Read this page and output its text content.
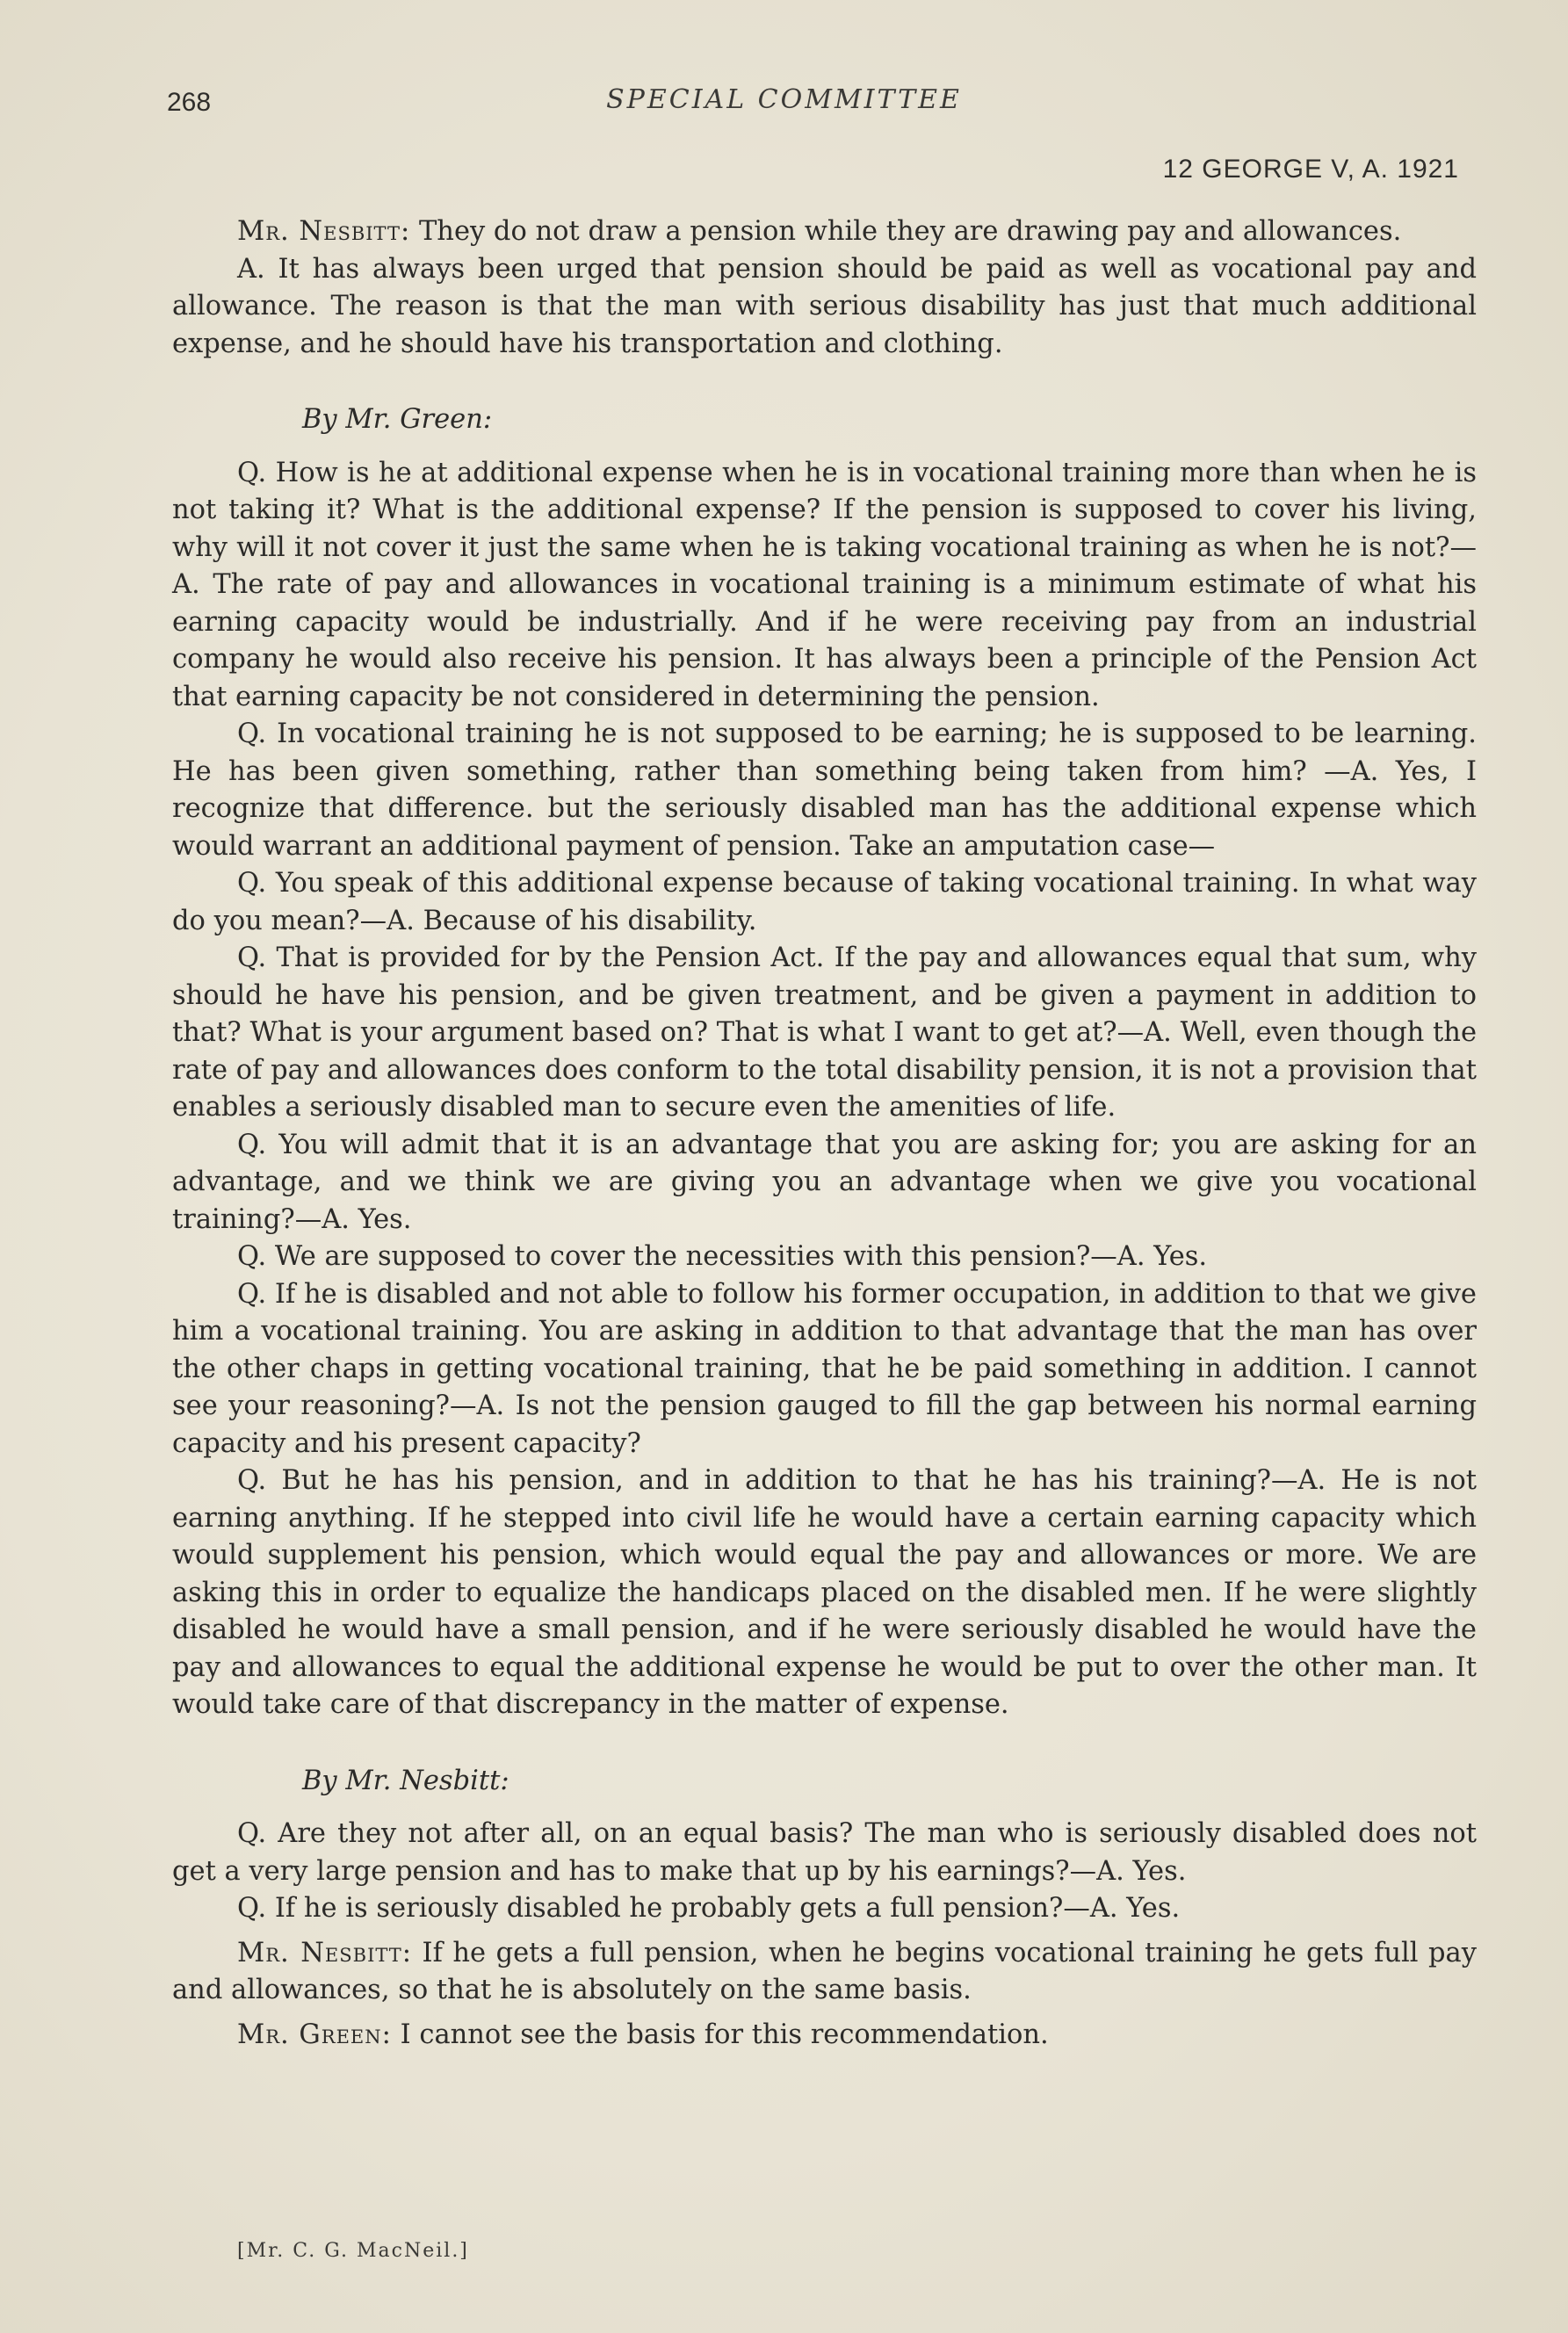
268	SPECIAL COMMITTEE
12 GEORGE V, A. 1921

Mr. Nesbitt: They do not draw a pension while they are drawing pay and allowances.

A. It has always been urged that pension should be paid as well as vocational pay and allowance. The reason is that the man with serious disability has just that much additional expense, and he should have his transportation and clothing.

By Mr. Green:

Q. How is he at additional expense when he is in vocational training more than when he is not taking it? What is the additional expense? If the pension is supposed to cover his living, why will it not cover it just the same when he is taking vocational training as when he is not?—A. The rate of pay and allowances in vocational training is a minimum estimate of what his earning capacity would be industrially. And if he were receiving pay from an industrial company he would also receive his pension. It has always been a principle of the Pension Act that earning capacity be not considered in determining the pension.

Q. In vocational training he is not supposed to be earning; he is supposed to be learning. He has been given something, rather than something being taken from him? —A. Yes, I recognize that difference. but the seriously disabled man has the additional expense which would warrant an additional payment of pension. Take an amputation case—

Q. You speak of this additional expense because of taking vocational training. In what way do you mean?—A. Because of his disability.

Q. That is provided for by the Pension Act. If the pay and allowances equal that sum, why should he have his pension, and be given treatment, and be given a payment in addition to that? What is your argument based on? That is what I want to get at?—A. Well, even though the rate of pay and allowances does conform to the total disability pension, it is not a provision that enables a seriously disabled man to secure even the amenities of life.

Q. You will admit that it is an advantage that you are asking for; you are asking for an advantage, and we think we are giving you an advantage when we give you vocational training?—A. Yes.

Q. We are supposed to cover the necessities with this pension?—A. Yes.

Q. If he is disabled and not able to follow his former occupation, in addition to that we give him a vocational training. You are asking in addition to that advantage that the man has over the other chaps in getting vocational training, that he be paid something in addition. I cannot see your reasoning?—A. Is not the pension gauged to fill the gap between his normal earning capacity and his present capacity?

Q. But he has his pension, and in addition to that he has his training?—A. He is not earning anything. If he stepped into civil life he would have a certain earning capacity which would supplement his pension, which would equal the pay and allowances or more. We are asking this in order to equalize the handicaps placed on the disabled men. If he were slightly disabled he would have a small pension, and if he were seriously disabled he would have the pay and allowances to equal the additional expense he would be put to over the other man. It would take care of that discrepancy in the matter of expense.

By Mr. Nesbitt:

Q. Are they not after all, on an equal basis? The man who is seriously disabled does not get a very large pension and has to make that up by his earnings?—A. Yes.

Q. If he is seriously disabled he probably gets a full pension?—A. Yes.

Mr. Nesbitt: If he gets a full pension, when he begins vocational training he gets full pay and allowances, so that he is absolutely on the same basis.

Mr. Green: I cannot see the basis for this recommendation.

[Mr. C. G. MacNeil.]
